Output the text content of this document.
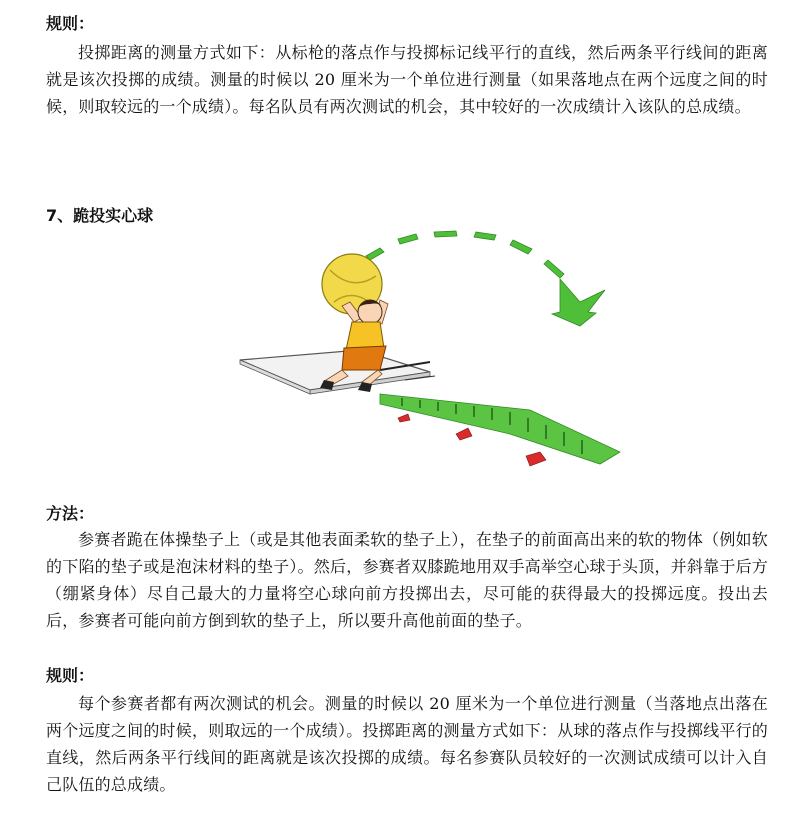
规则：

投掷距离的测量方式如下：从标枪的落点作与投掷标记线平行的直线，然后两条平行线间的距离就是该次投掷的成绩。测量的时候以 20 厘米为一个单位进行测量（如果落地点在两个远度之间的时候，则取较远的一个成绩）。每名队员有两次测试的机会，其中较好的一次成绩计入该队的总成绩。

7、跪投实心球
方法：

参赛者跪在体操垫子上（或是其他表面柔软的垫子上），在垫子的前面高出来的软的物体（例如软的下陷的垫子或是泡沫材料的垫子）。然后，参赛者双膝跪地用双手高举空心球于头顶，并斜靠于后方（绷紧身体）尽自己最大的力量将空心球向前方投掷出去，尽可能的获得最大的投掷远度。投出去后，参赛者可能向前方倒到软的垫子上，所以要升高他前面的垫子。

规则：

每个参赛者都有两次测试的机会。测量的时候以 20 厘米为一个单位进行测量（当落地点出落在两个远度之间的时候，则取远的一个成绩）。投掷距离的测量方式如下：从球的落点作与投掷线平行的直线，然后两条平行线间的距离就是该次投掷的成绩。每名参赛队员较好的一次测试成绩可以计入自己队伍的总成绩。
